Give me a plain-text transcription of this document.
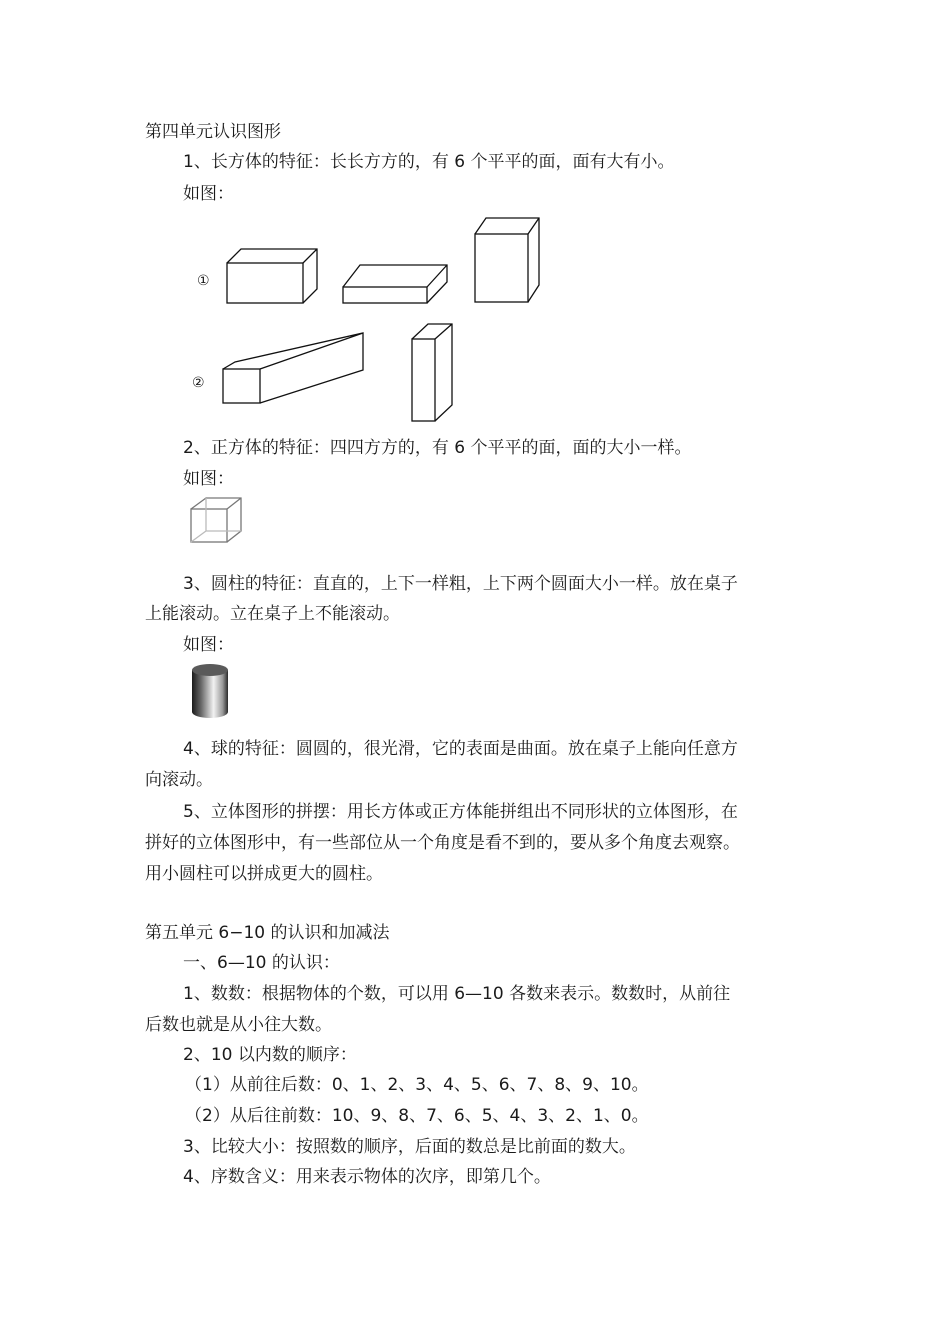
第四单元认识图形
1、长方体的特征：长长方方的，有 6 个平平的面，面有大有小。
如图：
①
②
2、正方体的特征：四四方方的，有 6 个平平的面，面的大小一样。
如图：
3、圆柱的特征：直直的，上下一样粗，上下两个圆面大小一样。放在桌子
上能滚动。立在桌子上不能滚动。
如图：
4、球的特征：圆圆的，很光滑，它的表面是曲面。放在桌子上能向任意方
向滚动。
5、立体图形的拼摆：用长方体或正方体能拼组出不同形状的立体图形，在
拼好的立体图形中，有一些部位从一个角度是看不到的，要从多个角度去观察。
用小圆柱可以拼成更大的圆柱。
第五单元 6−10 的认识和加减法
一、6—10 的认识：
1、数数：根据物体的个数，可以用 6—10 各数来表示。数数时，从前往
后数也就是从小往大数。
2、10 以内数的顺序：
（1）从前往后数：0、1、2、3、4、5、6、7、8、9、10。
（2）从后往前数：10、9、8、7、6、5、4、3、2、1、0。
3、比较大小：按照数的顺序，后面的数总是比前面的数大。
4、序数含义：用来表示物体的次序，即第几个。
